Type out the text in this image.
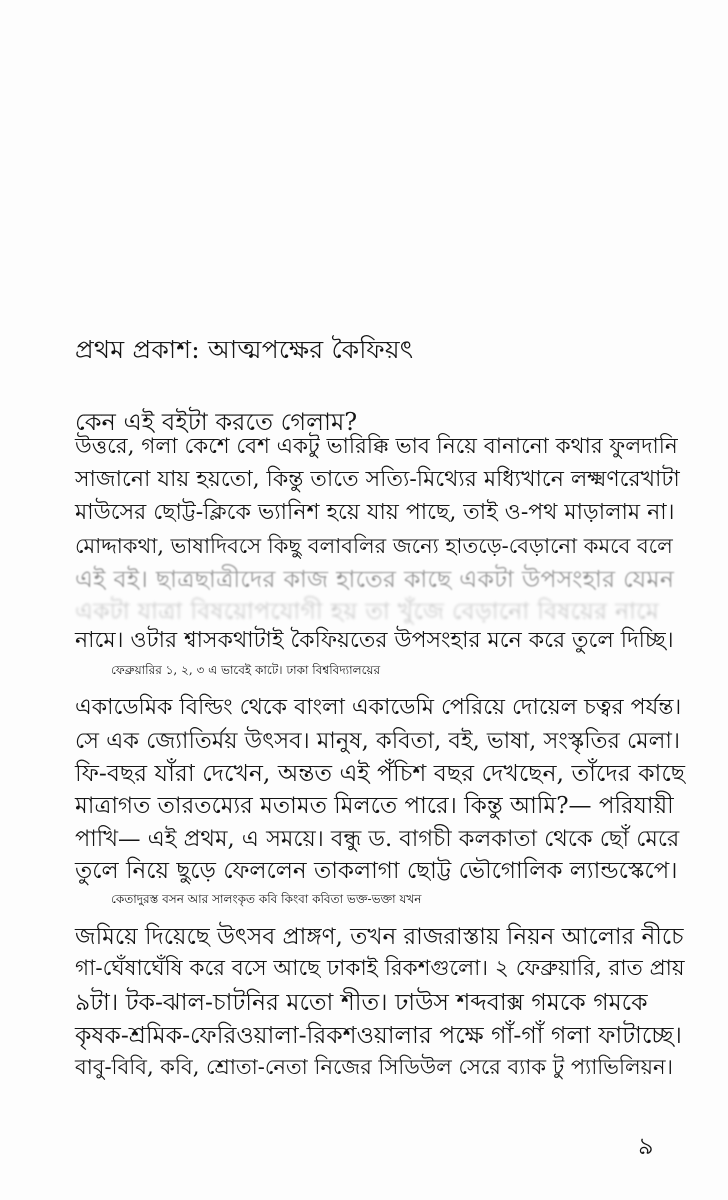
প্রথম প্রকাশ: আত্মপক্ষের কৈফিয়ৎ
কেন এই বইটা করতে গেলাম?
উত্তরে, গলা কেশে বেশ একটু ভারিক্কি ভাব নিয়ে বানানো কথার ফুলদানি
সাজানো যায় হয়তো, কিন্তু তাতে সত্যি-মিথ্যের মধ্যিখানে লক্ষ্মণরেখাটা
মাউসের ছোট্ট-ক্লিকে ভ্যানিশ হয়ে যায় পাছে, তাই ও-পথ মাড়ালাম না।
মোদ্দাকথা, ভাষাদিবসে কিছু বলাবলির জন্যে হাতড়ে-বেড়ানো কমবে বলে
এই বই। ছাত্রছাত্রীদের কাজ হাতের কাছে একটা উপসংহার যেমন
একটা যাত্রা বিষয়োপযোগী হয় তা খুঁজে বেড়ানো বিষয়ের নামে
নামে। ওটার শ্বাসকথাটাই কৈফিয়তের উপসংহার মনে করে তুলে দিচ্ছি।
ফেব্রুয়ারির ১, ২, ৩ এ ভাবেই কাটে। ঢাকা বিশ্ববিদ্যালয়ের
একাডেমিক বিল্ডিং থেকে বাংলা একাডেমি পেরিয়ে দোয়েল চত্বর পর্যন্ত।
সে এক জ্যোতির্ময় উৎসব। মানুষ, কবিতা, বই, ভাষা, সংস্কৃতির মেলা।
ফি-বছর যাঁরা দেখেন, অন্তত এই পঁচিশ বছর দেখছেন, তাঁদের কাছে
মাত্রাগত তারতম্যের মতামত মিলতে পারে। কিন্তু আমি?— পরিযায়ী
পাখি— এই প্রথম, এ সময়ে। বন্ধু ড. বাগচী কলকাতা থেকে ছোঁ মেরে
তুলে নিয়ে ছুড়ে ফেললেন তাকলাগা ছোট্ট ভৌগোলিক ল্যান্ডস্কেপে।
কেতাদুরস্ত বসন আর সালংকৃত কবি কিংবা কবিতা ভক্ত-ভক্তা যখন
জমিয়ে দিয়েছে উৎসব প্রাঙ্গণ, তখন রাজরাস্তায় নিয়ন আলোর নীচে
গা-ঘেঁষাঘেঁষি করে বসে আছে ঢাকাই রিকশগুলো। ২ ফেব্রুয়ারি, রাত প্রায়
৯টা। টক-ঝাল-চাটনির মতো শীত। ঢাউস শব্দবাক্স গমকে গমকে
কৃষক-শ্রমিক-ফেরিওয়ালা-রিকশওয়ালার পক্ষে গাঁ-গাঁ গলা ফাটাচ্ছে।
বাবু-বিবি, কবি, শ্রোতা-নেতা নিজের সিডিউল সেরে ব্যাক টু প্যাভিলিয়ন।
৯
